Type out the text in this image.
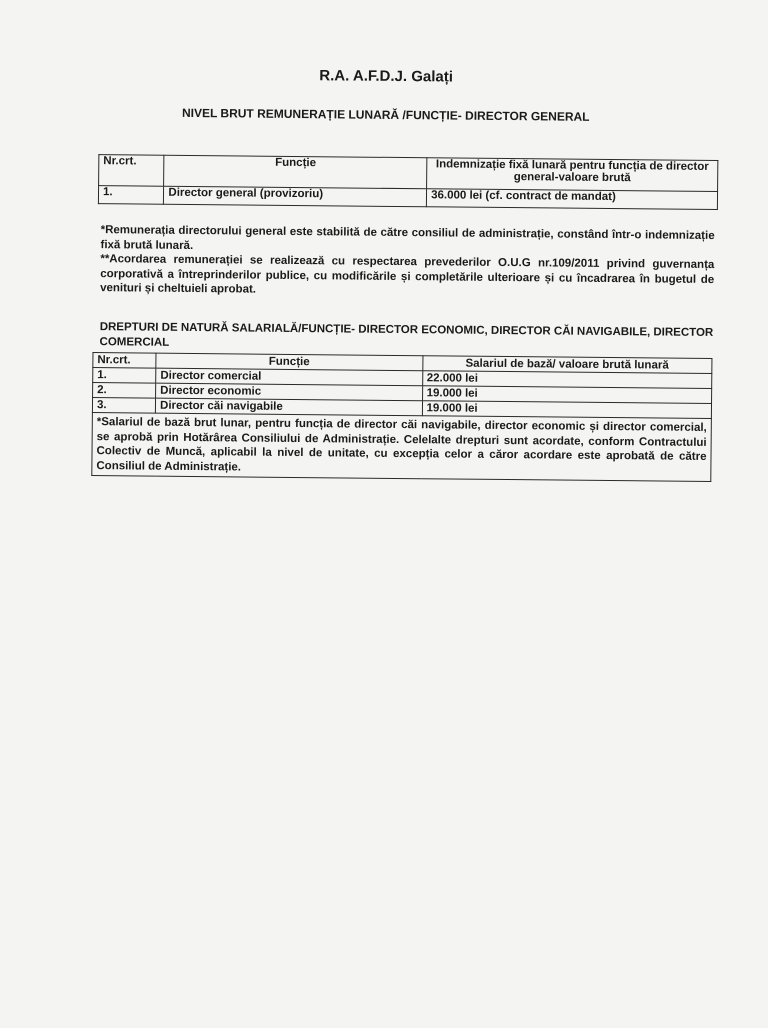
R.A. A.F.D.J. Galați
NIVEL BRUT REMUNERAȚIE LUNARĂ /FUNCȚIE- DIRECTOR GENERAL
Nr.crt.	Funcție	Indemnizație fixă lunară pentru funcția de director general-valoare brută
1.	Director general (provizoriu)	36.000 lei (cf. contract de mandat)

*Remunerația directorului general este stabilită de către consiliul de administrație, constând într-o indemnizație fixă brută lunară.

**Acordarea remunerației se realizează cu respectarea prevederilor O.U.G nr.109/2011 privind guvernanța corporativă a întreprinderilor publice, cu modificările și completările ulterioare și cu încadrarea în bugetul de venituri și cheltuieli aprobat.

DREPTURI DE NATURĂ SALARIALĂ/FUNCȚIE- DIRECTOR ECONOMIC, DIRECTOR CĂI NAVIGABILE, DIRECTOR COMERCIAL
Nr.crt.	Funcție	Salariul de bază/ valoare brută lunară
1.	Director comercial	22.000 lei
2.	Director economic	19.000 lei
3.	Director căi navigabile	19.000 lei
*Salariul de bază brut lunar, pentru funcția de director căi navigabile, director economic și director comercial, se aprobă prin Hotărârea Consiliului de Administrație. Celelalte drepturi sunt acordate, conform Contractului Colectiv de Muncă, aplicabil la nivel de unitate, cu excepția celor a căror acordare este aprobată de către Consiliul de Administrație.		
